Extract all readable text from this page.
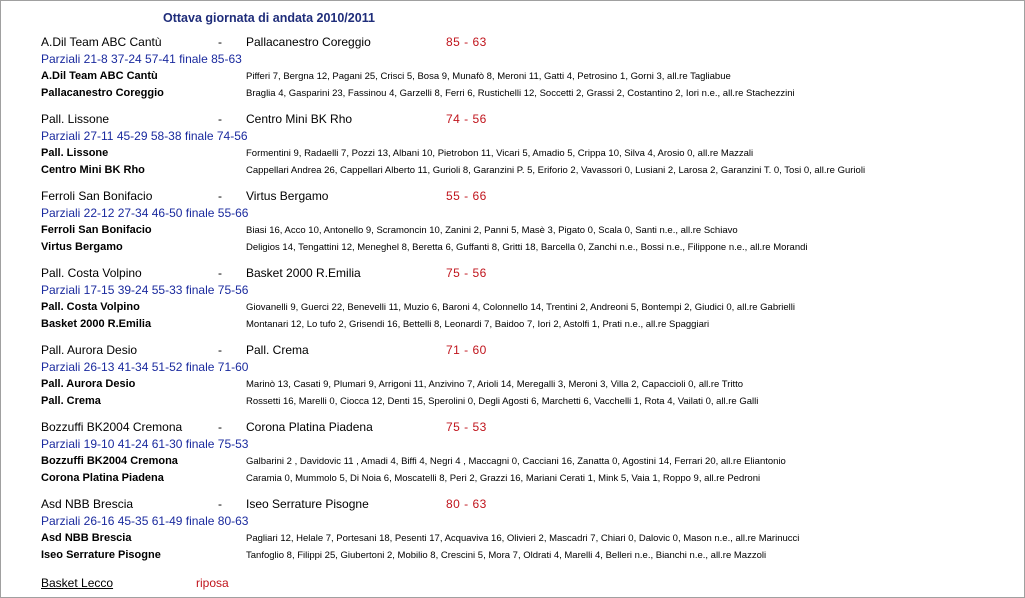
Ottava giornata di andata 2010/2011
A.Dil Team ABC Cantù	- Pallacanestro Coreggio	85 - 63
Parziali 21-8 37-24 57-41 finale 85-63
A.Dil Team ABC Cantù	Pifferi 7, Bergna 12, Pagani 25, Crisci 5, Bosa 9, Munafò 8, Meroni 11, Gatti 4, Petrosino 1, Gorni 3, all.re Tagliabue
Pallacanestro Coreggio	Braglia 4, Gasparini 23, Fassinou 4, Garzelli 8, Ferri 6, Rustichelli 12, Soccetti 2, Grassi 2, Costantino 2, Iori n.e., all.re Stachezzini
Pall. Lissone	- Centro Mini BK Rho	74 - 56
Parziali 27-11 45-29 58-38 finale 74-56
Pall. Lissone	Formentini 9, Radaelli 7, Pozzi 13, Albani 10, Pietrobon 11, Vicari 5, Amadio 5, Crippa 10, Silva 4, Arosio 0, all.re Mazzali
Centro Mini BK Rho	Cappellari Andrea 26, Cappellari Alberto 11, Gurioli 8, Garanzini P. 5, Eriforio 2, Vavassori 0, Lusiani 2, Larosa 2, Garanzini T. 0, Tosi 0, all.re Gurioli
Ferroli San Bonifacio	- Virtus Bergamo	55 - 66
Parziali 22-12 27-34 46-50 finale 55-66
Ferroli San Bonifacio	Biasi 16, Acco 10, Antonello 9, Scramoncin 10, Zanini 2, Panni 5, Masè 3, Pigato 0, Scala 0, Santi n.e., all.re Schiavo
Virtus Bergamo	Deligios 14, Tengattini 12, Meneghel 8, Beretta 6, Guffanti 8, Gritti 18, Barcella 0, Zanchi n.e., Bossi n.e., Filippone n.e., all.re Morandi
Pall. Costa Volpino	- Basket 2000 R.Emilia	75 - 56
Parziali 17-15 39-24 55-33 finale 75-56
Pall. Costa Volpino	Giovanelli 9, Guerci 22, Benevelli 11, Muzio 6, Baroni 4, Colonnello 14, Trentini 2, Andreoni 5, Bontempi 2, Giudici 0, all.re Gabrielli
Basket 2000 R.Emilia	Montanari 12, Lo tufo 2, Grisendi 16, Bettelli 8, Leonardi 7, Baidoo 7, Iori 2, Astolfi 1, Prati n.e., all.re Spaggiari
Pall. Aurora Desio	- Pall. Crema	71 - 60
Parziali 26-13 41-34 51-52 finale 71-60
Pall. Aurora Desio	Marinò 13, Casati 9, Plumari 9, Arrigoni 11, Anzivino 7, Arioli 14, Meregalli 3, Meroni 3, Villa 2, Capaccioli 0, all.re Tritto
Pall. Crema	Rossetti 16, Marelli 0, Ciocca 12, Denti 15, Sperolini 0, Degli Agosti 6, Marchetti 6, Vacchelli 1, Rota 4, Vailati 0, all.re Galli
Bozzuffi BK2004 Cremona	- Corona Platina Piadena	75 - 53
Parziali 19-10 41-24 61-30 finale 75-53
Bozzuffi BK2004 Cremona	Galbarini 2 , Davidovic 11 , Amadi 4, Biffi 4, Negri 4 , Maccagni 0, Cacciani 16, Zanatta 0, Agostini 14, Ferrari 20, all.re Eliantonio
Corona Platina Piadena	Caramia 0, Mummolo 5, Di Noia 6, Moscatelli 8, Peri 2, Grazzi 16, Mariani Cerati 1, Mink 5, Vaia 1, Roppo 9, all.re Pedroni
Asd NBB Brescia	- Iseo Serrature Pisogne	80 - 63
Parziali 26-16 45-35 61-49 finale 80-63
Asd NBB Brescia	Pagliari 12, Helale 7, Portesani 18, Pesenti 17, Acquaviva 16, Olivieri 2, Mascadri 7, Chiari 0, Dalovic 0, Mason n.e., all.re Marinucci
Iseo Serrature Pisogne	Tanfoglio 8, Filippi 25, Giubertoni 2, Mobilio 8, Crescini 5, Mora 7, Oldrati 4, Marelli 4, Belleri n.e., Bianchi n.e., all.re Mazzoli
Basket Lecco	riposa
